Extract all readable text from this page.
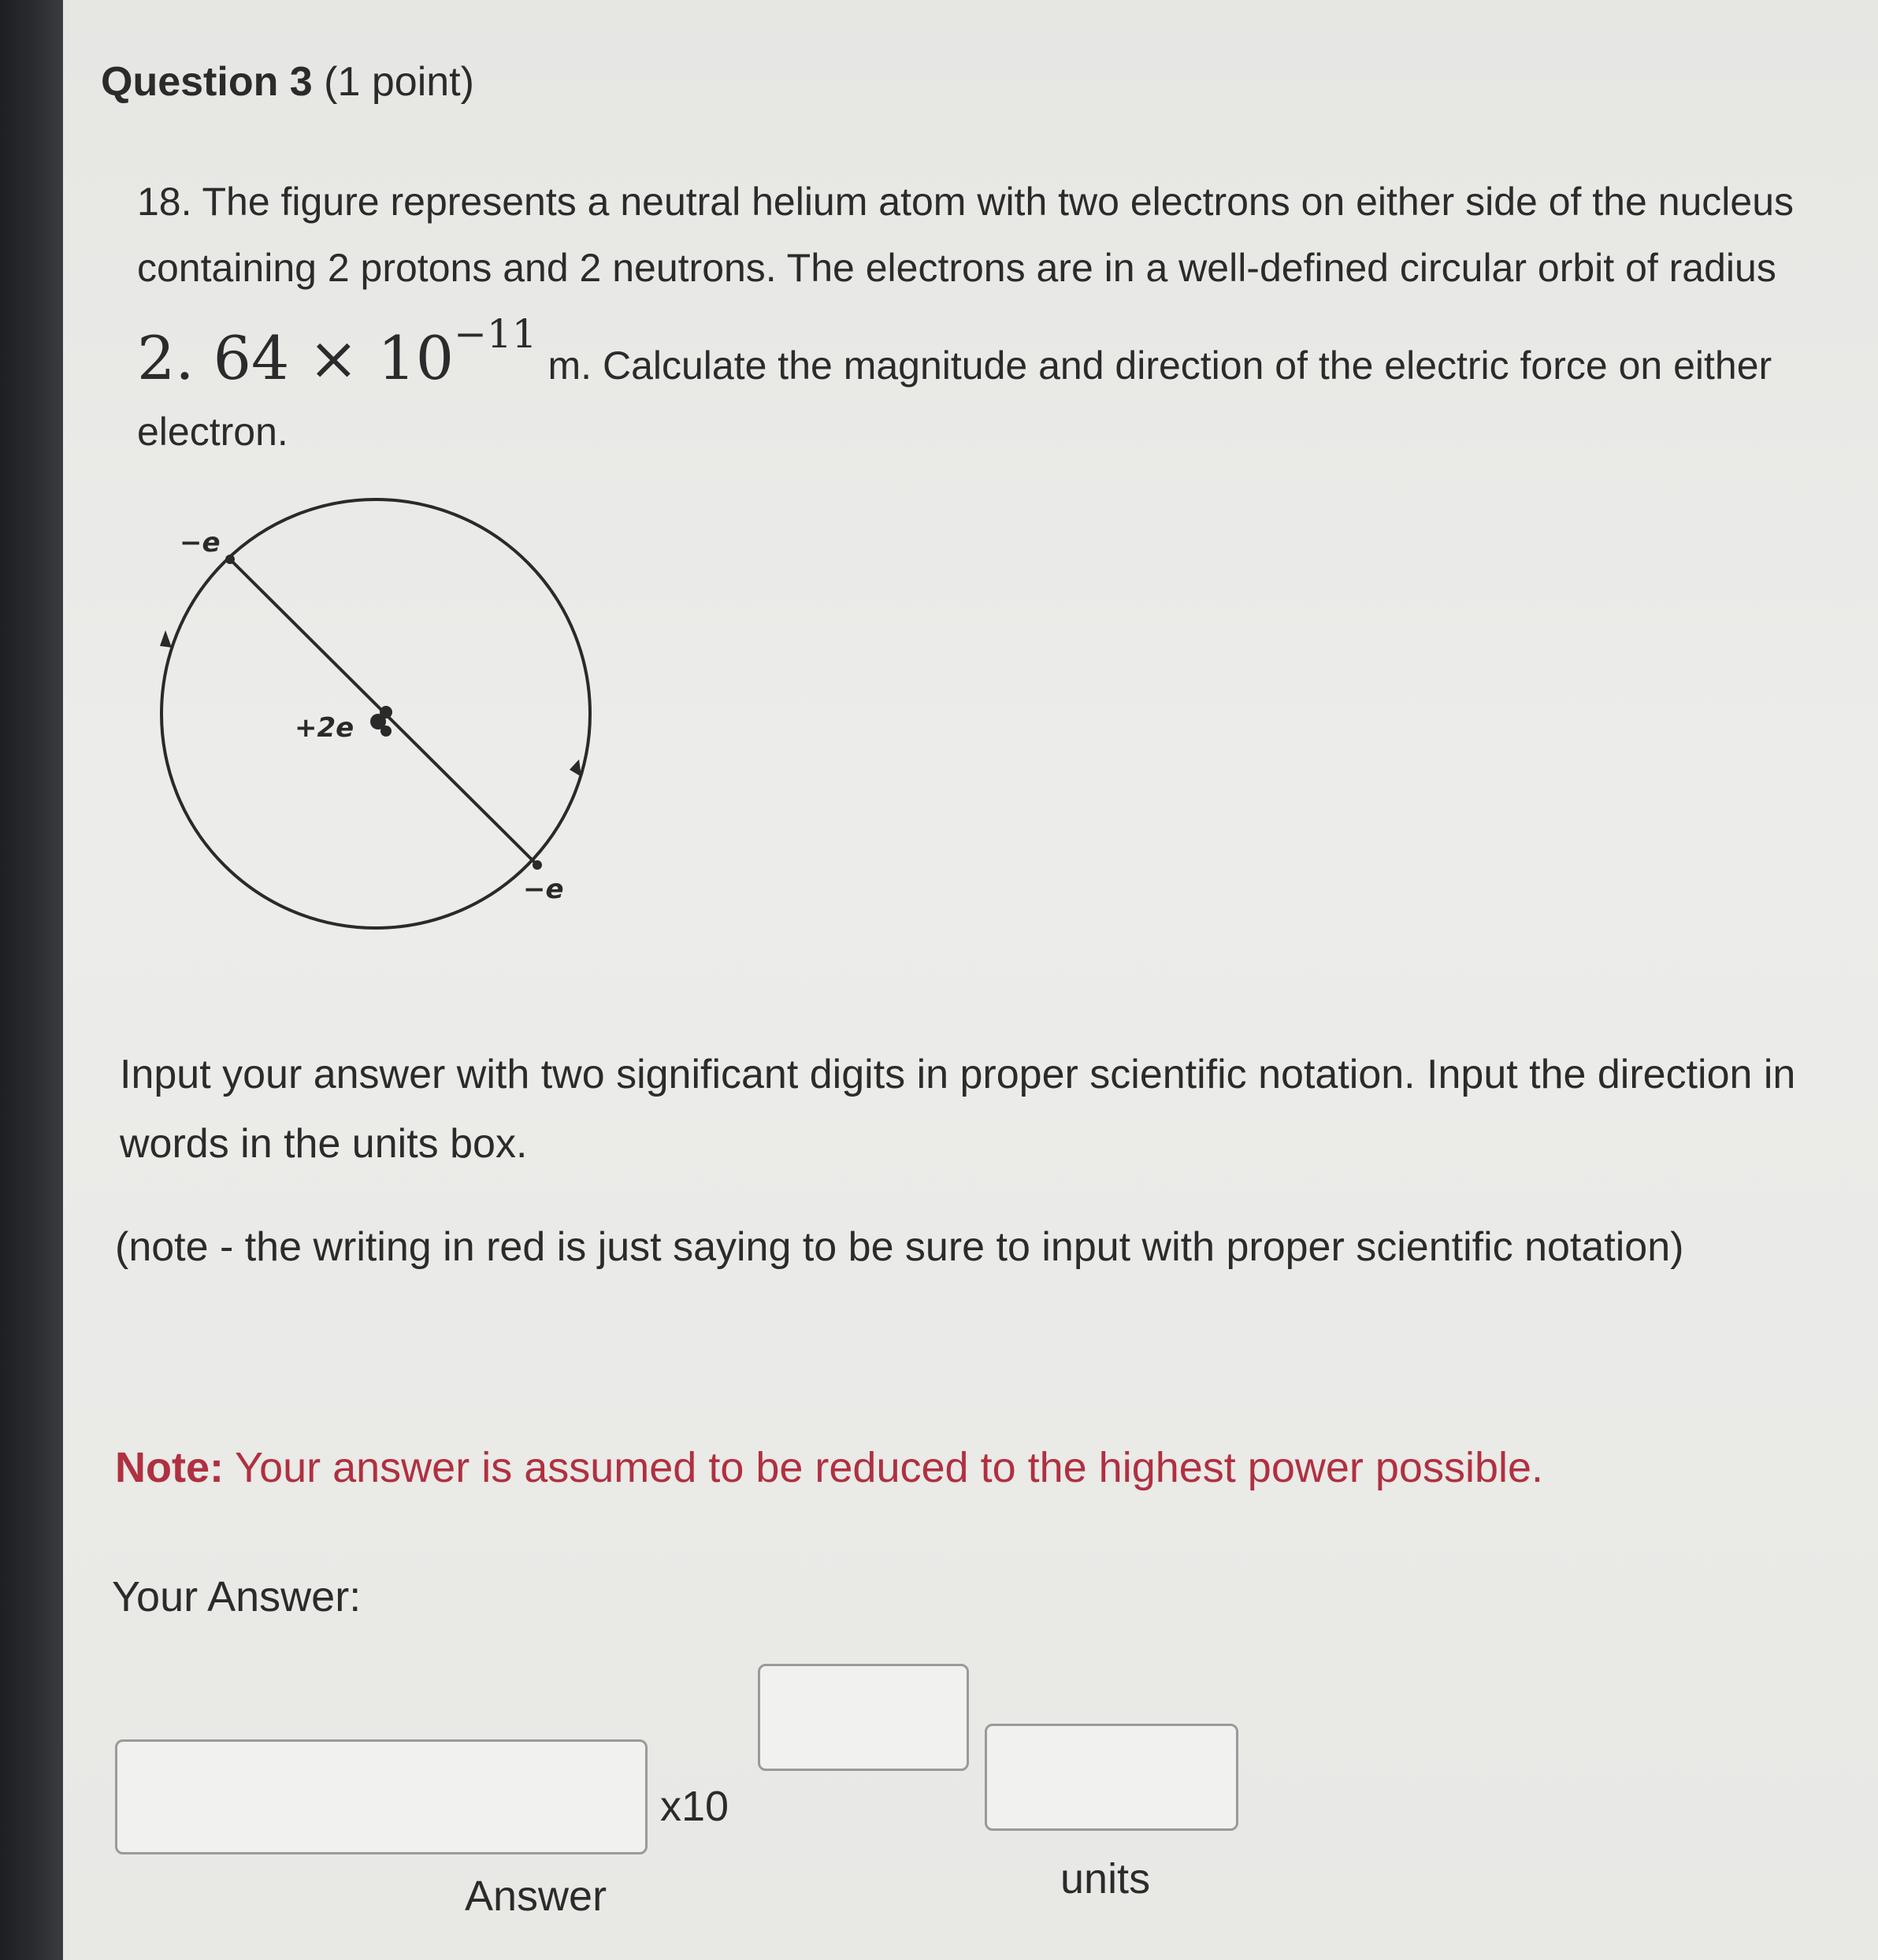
Question 3 (1 point)
18. The figure represents a neutral helium atom with two electrons on either side of the nucleus containing 2 protons and 2 neutrons. The electrons are in a well-defined circular orbit of radius 2. $64 \times 10^{-11}$ m. Calculate the magnitude and direction of the electric force on either electron.
−e
+2e
−e
Input your answer with two significant digits in proper scientific notation. Input the direction in words in the units box.
(note - the writing in red is just saying to be sure to input with proper scientific notation)
Note: Your answer is assumed to be reduced to the highest power possible.
Your Answer:
x10
Answer	units
